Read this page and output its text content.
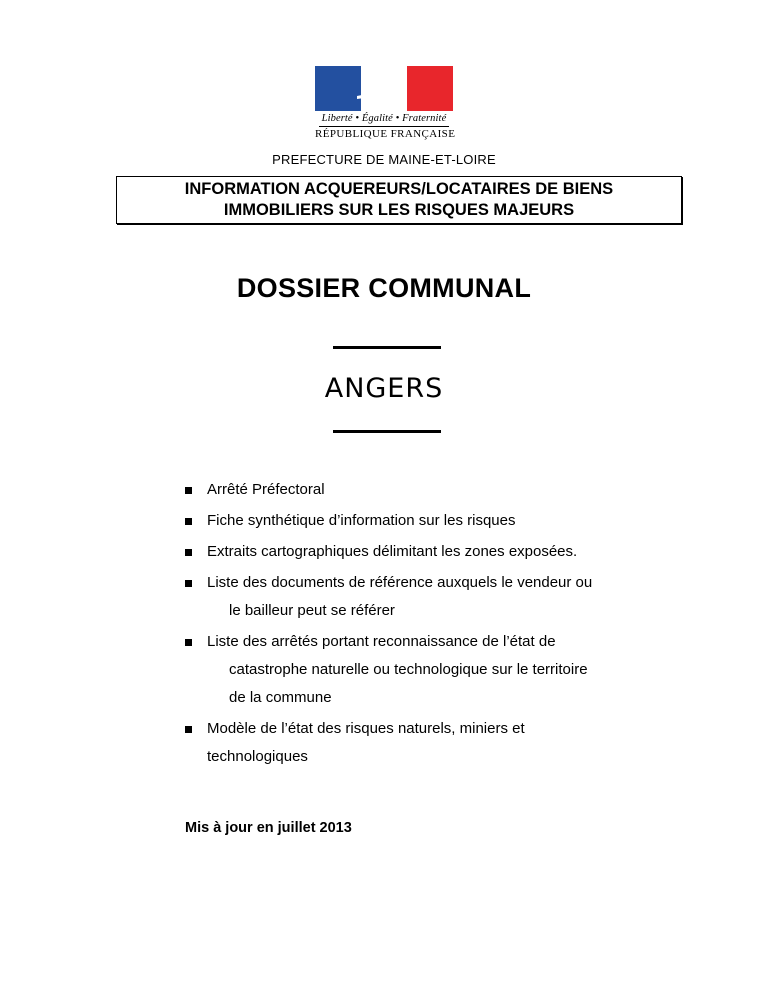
Liberté • Égalité • Fraternité
RÉPUBLIQUE FRANÇAISE
PREFECTURE DE MAINE-ET-LOIRE
INFORMATION ACQUEREURS/LOCATAIRES DE BIENS
IMMOBILIERS SUR LES RISQUES MAJEURS
DOSSIER COMMUNAL
ANGERS
Arrêté Préfectoral
Fiche synthétique d’information sur les risques
Extraits cartographiques délimitant les zones exposées.
Liste des documents de référence auxquels le vendeur ou
le bailleur peut se référer
Liste des arrêtés portant reconnaissance de l’état de
catastrophe naturelle ou technologique sur le territoire
de la commune
Modèle de l’état des risques naturels, miniers et
technologiques
Mis à jour en juillet 2013
